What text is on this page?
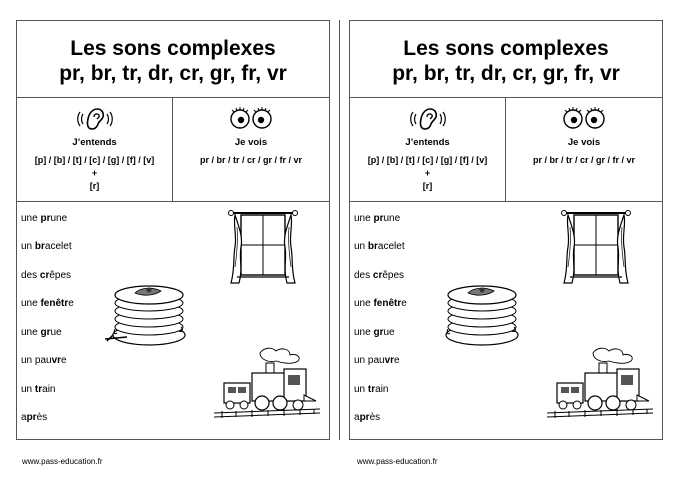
Les sons complexes
pr, br, tr, dr, cr, gr, fr, vr
J’entends
[p] / [b] / [t] / [c] / [g] / [f] / [v]
+
[r]
Je vois
pr / br / tr / cr / gr / fr / vr
une prune
un bracelet
des crêpes
une fenêtre
une grue
un pauvre
un train
après
Les sons complexes
pr, br, tr, dr, cr, gr, fr, vr
J’entends
[p] / [b] / [t] / [c] / [g] / [f] / [v]
+
[r]
Je vois
pr / br / tr / cr / gr / fr / vr
une prune
un bracelet
des crêpes
une fenêtre
une grue
un pauvre
un train
après
www.pass-education.fr	www.pass-education.fr
